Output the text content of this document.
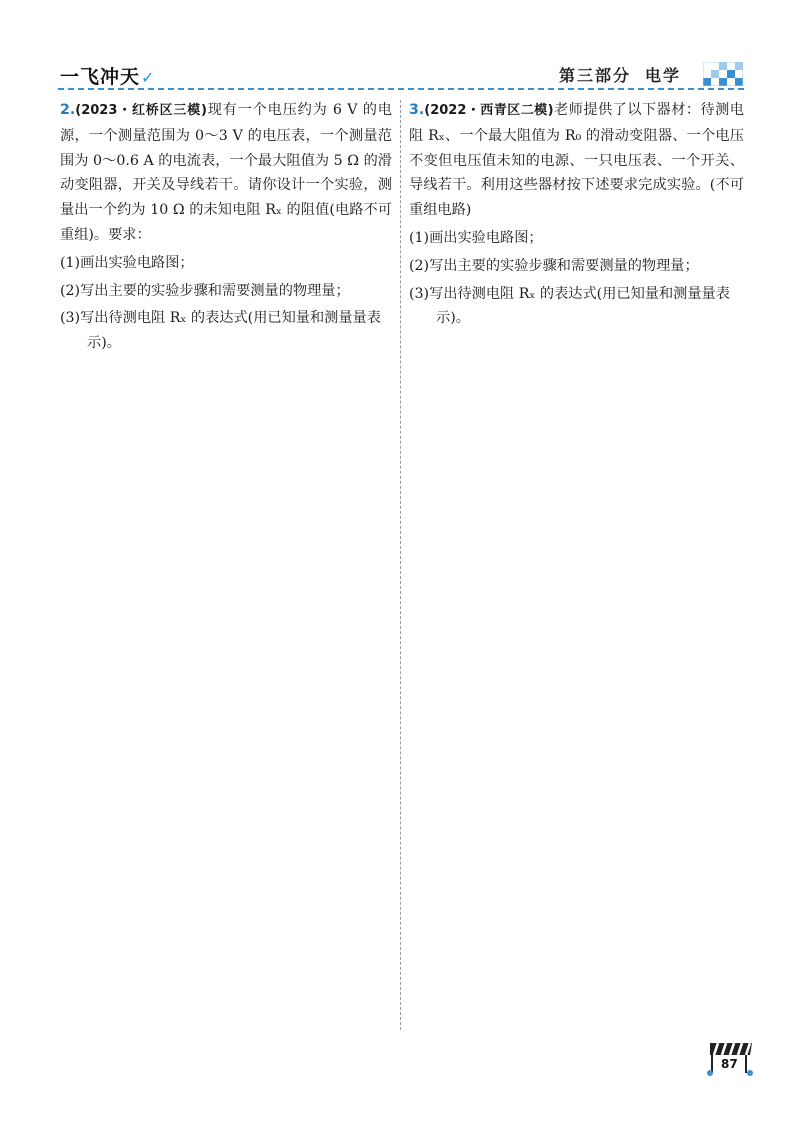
一飞冲天✓	第三部分 电学

2.(2023・红桥区三模)现有一个电压约为 6 V 的电源，一个测量范围为 0～3 V 的电压表，一个测量范围为 0～0.6 A 的电流表，一个最大阻值为 5 Ω 的滑动变阻器，开关及导线若干。请你设计一个实验，测量出一个约为 10 Ω 的未知电阻 Rₓ 的阻值(电路不可重组)。要求：

(1)画出实验电路图；

(2)写出主要的实验步骤和需要测量的物理量；

(3)写出待测电阻 Rₓ 的表达式(用已知量和测量量表示)。

3.(2022・西青区二模)老师提供了以下器材：待测电阻 Rₓ、一个最大阻值为 R₀ 的滑动变阻器、一个电压不变但电压值未知的电源、一只电压表、一个开关、导线若干。利用这些器材按下述要求完成实验。(不可重组电路)

(1)画出实验电路图；

(2)写出主要的实验步骤和需要测量的物理量；

(3)写出待测电阻 Rₓ 的表达式(用已知量和测量量表示)。

87
